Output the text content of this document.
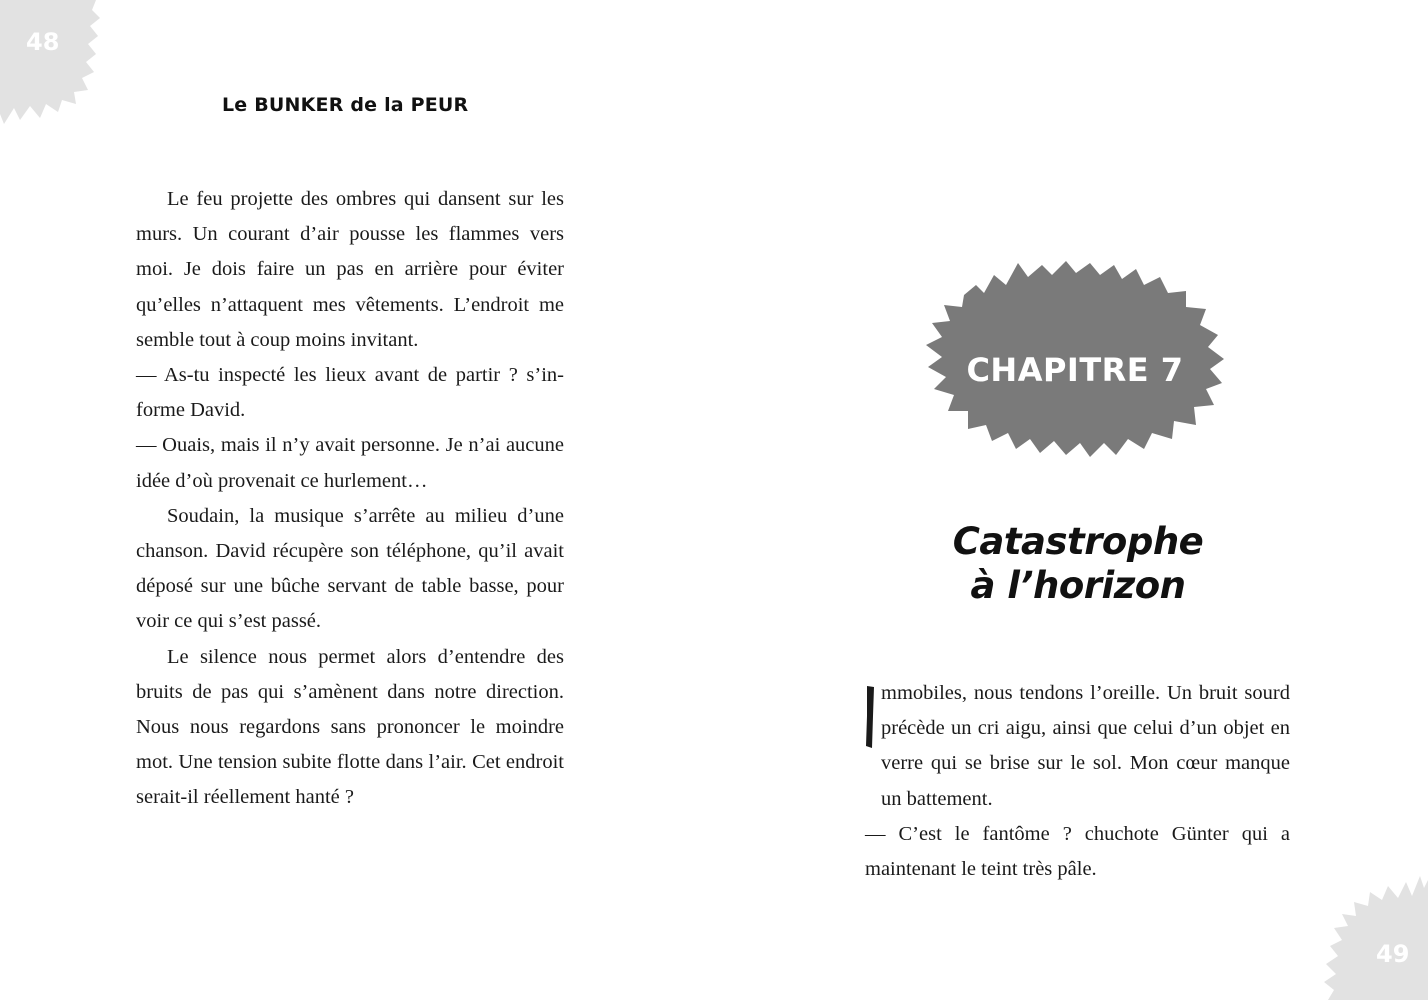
48
49
Le BUNKER de la PEUR

Le feu projette des ombres qui dansent sur les murs. Un courant d’air pousse les flammes vers moi. Je dois faire un pas en arrière pour éviter qu’elles n’attaquent mes vêtements. L’endroit me semble tout à coup moins invitant.

— As-tu inspecté les lieux avant de partir ? s’informe David.

— Ouais, mais il n’y avait personne. Je n’ai aucune idée d’où provenait ce hurlement…

Soudain, la musique s’arrête au milieu d’une chanson. David récupère son téléphone, qu’il avait déposé sur une bûche servant de table basse, pour voir ce qui s’est passé.

Le silence nous permet alors d’entendre des bruits de pas qui s’amènent dans notre direction. Nous nous regardons sans prononcer le moindre mot. Une tension subite flotte dans l’air. Cet endroit serait-il réellement hanté ?

CHAPITRE 7
Catastrophe
à l’horizon
I

mmobiles, nous tendons l’oreille. Un bruit sourd précède un cri aigu, ainsi que celui d’un objet en verre qui se brise sur le sol. Mon cœur manque un battement.

— C’est le fantôme ? chuchote Günter qui a maintenant le teint très pâle.
